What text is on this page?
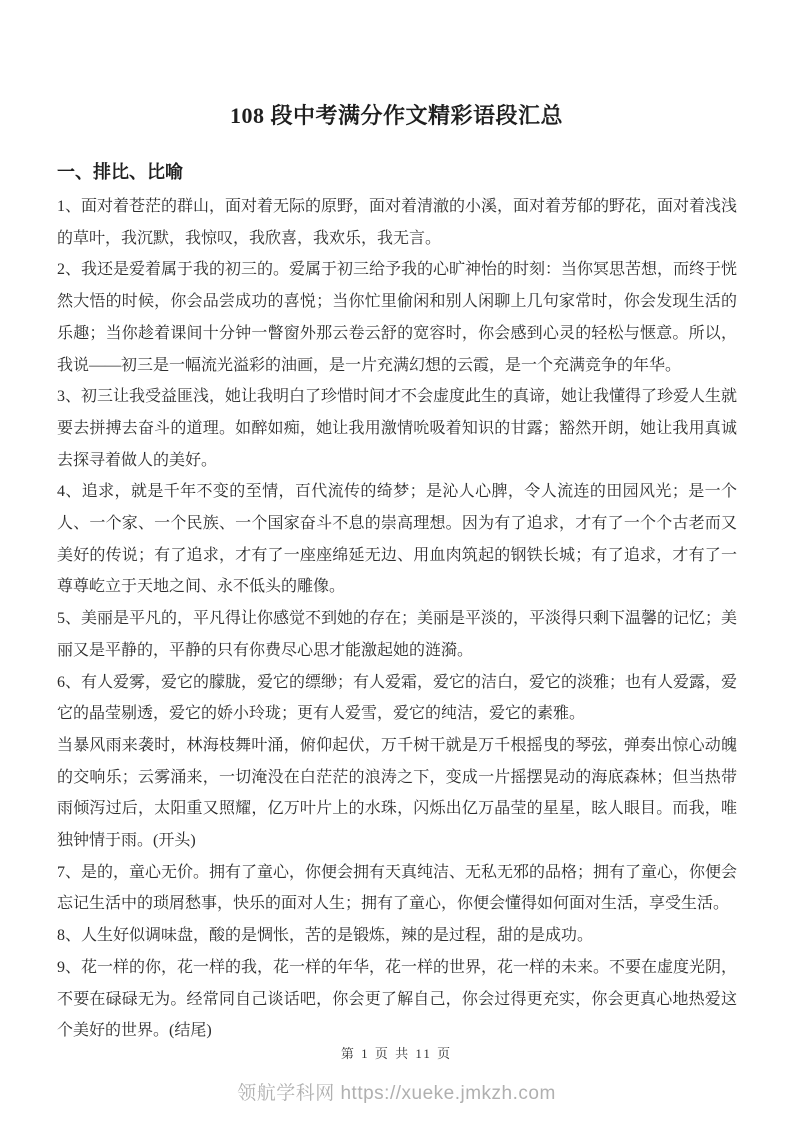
108 段中考满分作文精彩语段汇总
一、排比、比喻

1、面对着苍茫的群山，面对着无际的原野，面对着清澈的小溪，面对着芳郁的野花，面对着浅浅的草叶，我沉默，我惊叹，我欣喜，我欢乐，我无言。

2、我还是爱着属于我的初三的。爱属于初三给予我的心旷神怡的时刻：当你冥思苦想，而终于恍然大悟的时候，你会品尝成功的喜悦；当你忙里偷闲和别人闲聊上几句家常时，你会发现生活的乐趣；当你趁着课间十分钟一瞥窗外那云卷云舒的宽容时，你会感到心灵的轻松与惬意。所以，我说——初三是一幅流光溢彩的油画，是一片充满幻想的云霞，是一个充满竞争的年华。

3、初三让我受益匪浅，她让我明白了珍惜时间才不会虚度此生的真谛，她让我懂得了珍爱人生就要去拼搏去奋斗的道理。如醉如痴，她让我用激情吮吸着知识的甘露；豁然开朗，她让我用真诚去探寻着做人的美好。

4、追求，就是千年不变的至情，百代流传的绮梦；是沁人心脾，令人流连的田园风光；是一个人、一个家、一个民族、一个国家奋斗不息的崇高理想。因为有了追求，才有了一个个古老而又美好的传说；有了追求，才有了一座座绵延无边、用血肉筑起的钢铁长城；有了追求，才有了一尊尊屹立于天地之间、永不低头的雕像。

5、美丽是平凡的，平凡得让你感觉不到她的存在；美丽是平淡的，平淡得只剩下温馨的记忆；美丽又是平静的，平静的只有你费尽心思才能激起她的涟漪。

6、有人爱雾，爱它的朦胧，爱它的缥缈；有人爱霜，爱它的洁白，爱它的淡雅；也有人爱露，爱它的晶莹剔透，爱它的娇小玲珑；更有人爱雪，爱它的纯洁，爱它的素雅。

当暴风雨来袭时，林海枝舞叶涌，俯仰起伏，万千树干就是万千根摇曳的琴弦，弹奏出惊心动魄的交响乐；云雾涌来，一切淹没在白茫茫的浪涛之下，变成一片摇摆晃动的海底森林；但当热带雨倾泻过后，太阳重又照耀，亿万叶片上的水珠，闪烁出亿万晶莹的星星，眩人眼目。而我，唯独钟情于雨。(开头)

7、是的，童心无价。拥有了童心，你便会拥有天真纯洁、无私无邪的品格；拥有了童心，你便会忘记生活中的琐屑愁事，快乐的面对人生；拥有了童心，你便会懂得如何面对生活，享受生活。

8、人生好似调味盘，酸的是惆怅，苦的是锻炼，辣的是过程，甜的是成功。

9、花一样的你，花一样的我，花一样的年华，花一样的世界，花一样的未来。不要在虚度光阴，不要在碌碌无为。经常同自己谈话吧，你会更了解自己，你会过得更充实，你会更真心地热爱这个美好的世界。(结尾)

第 1 页 共 11 页
领航学科网 https://xueke.jmkzh.com
